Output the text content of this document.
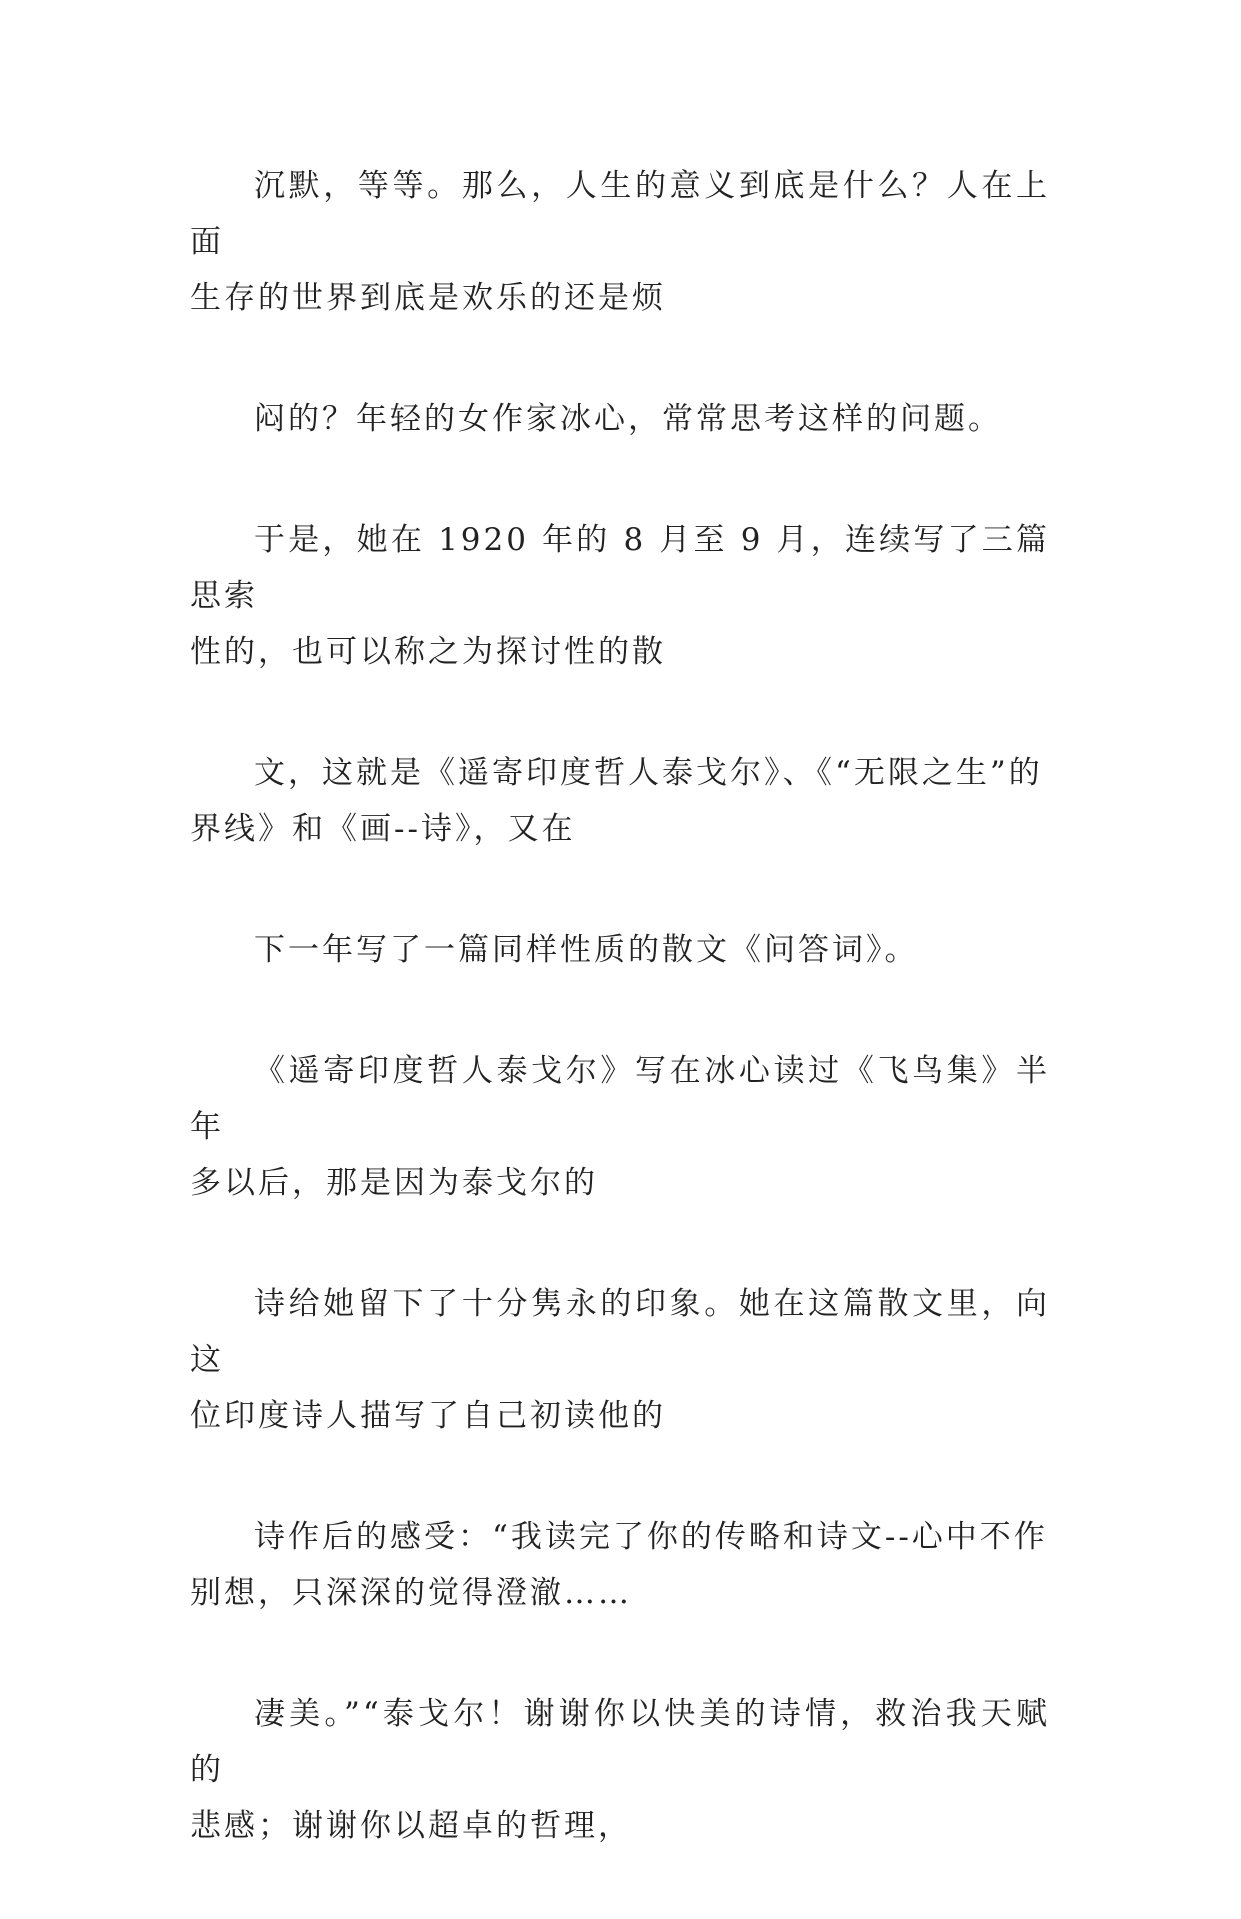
沉默，等等。那么，人生的意义到底是什么？人在上面
生存的世界到底是欢乐的还是烦

闷的？年轻的女作家冰心，常常思考这样的问题。

于是，她在 1920 年的 8 月至 9 月，连续写了三篇思索
性的，也可以称之为探讨性的散

文，这就是《遥寄印度哲人泰戈尔》、《“无限之生”的
界线》和《画--诗》，又在

下一年写了一篇同样性质的散文《问答词》。

《遥寄印度哲人泰戈尔》写在冰心读过《飞鸟集》半年
多以后，那是因为泰戈尔的

诗给她留下了十分隽永的印象。她在这篇散文里，向这
位印度诗人描写了自己初读他的

诗作后的感受：“我读完了你的传略和诗文--心中不作
别想，只深深的觉得澄澈……

凄美。”“泰戈尔！谢谢你以快美的诗情，救治我天赋的
悲感；谢谢你以超卓的哲理，
